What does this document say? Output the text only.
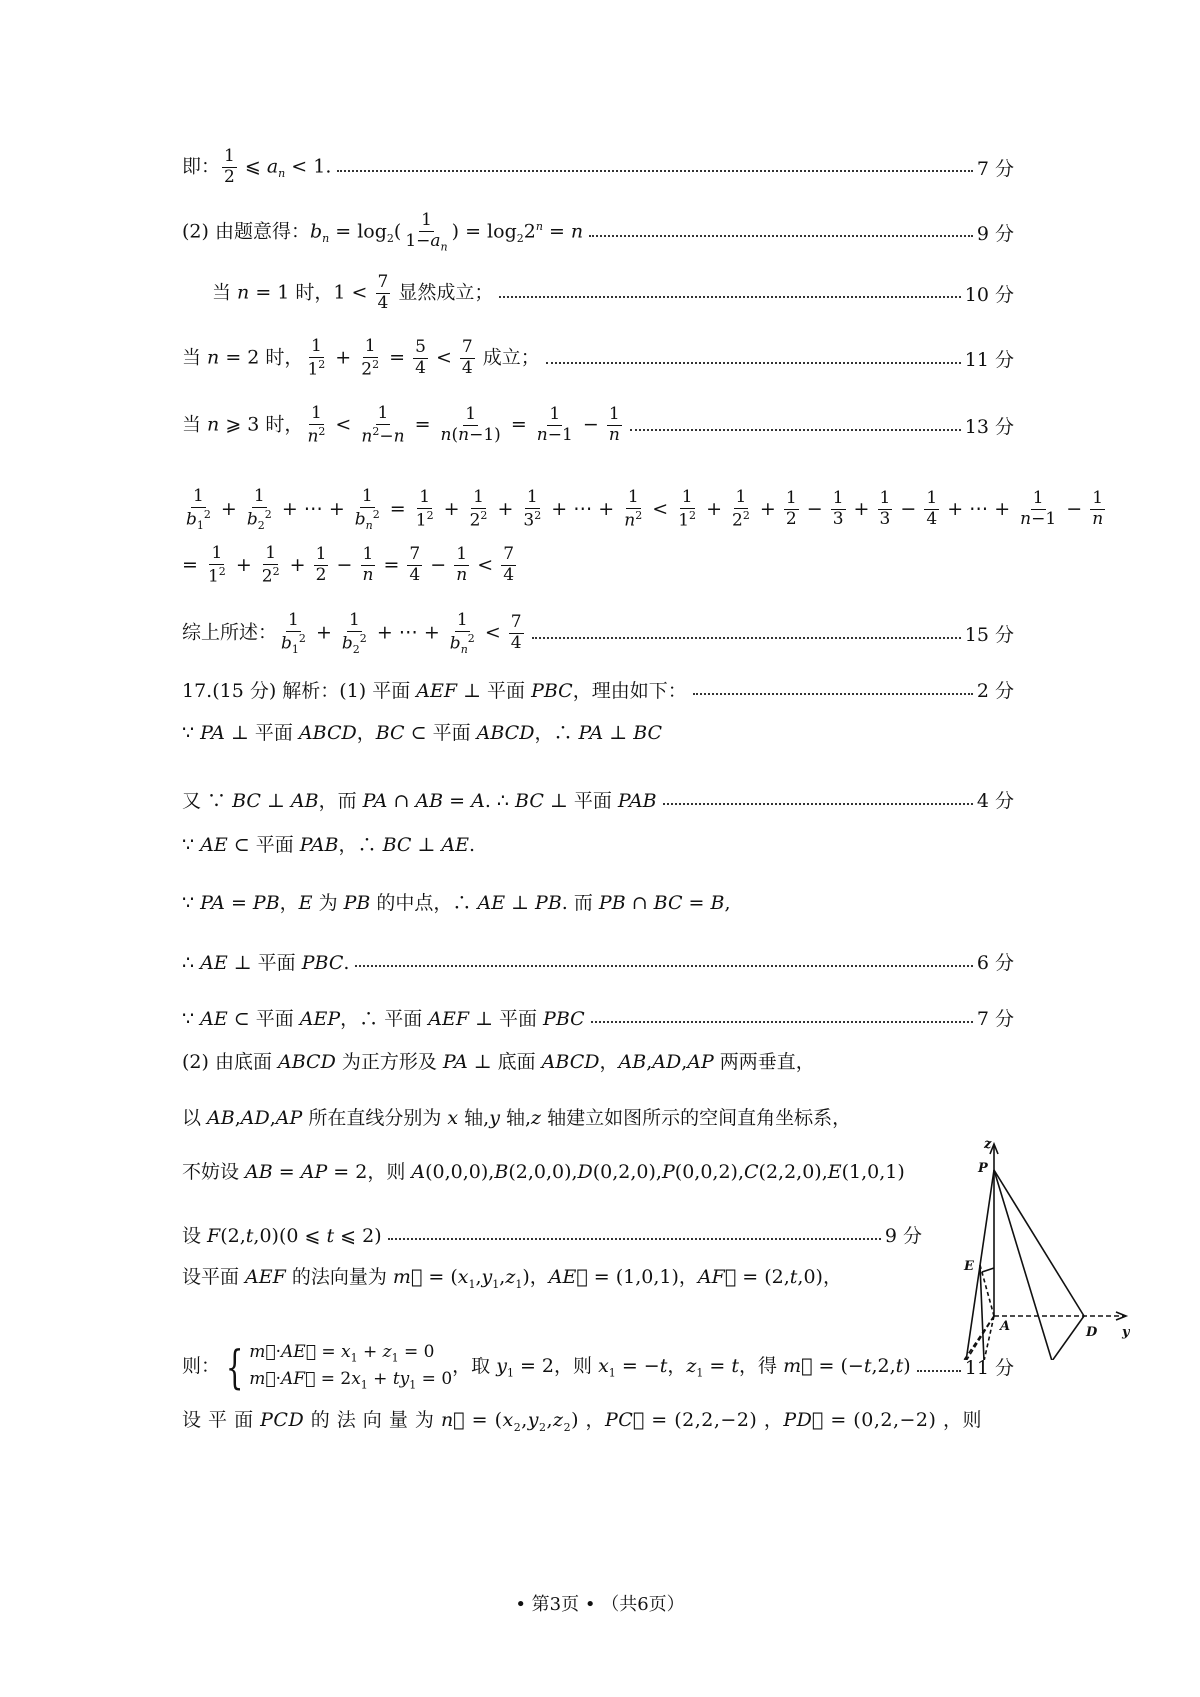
即： $\frac{1}{2}$ ⩽ $a_n < 1$.	7 分
(2) 由题意得：$b_n = \log_2( \frac{1}{1-a_n}$ ) = $\log_22^n = n$	9 分
当 n = 1 时，$1 < \frac{7}{4}$ 显然成立；	10 分
当 n = 2 时， $\frac{1}{1^2} + \frac{1}{2^2} = \frac{5}{4} < \frac{7}{4}$ 成立；	11 分
当 n ⩾ 3 时， $\frac{1}{n^2} < \frac{1}{n^2-n} = \frac{1}{n(n-1)} = \frac{1}{n-1} - \frac{1}{n}$	13 分
$\frac{1}{b_1^2} + \frac{1}{b_2^2}$ + ⋯ + $\frac{1}{b_n^2} = \frac{1}{1^2} + \frac{1}{2^2} + \frac{1}{3^2}$ + ⋯ + $\frac{1}{n^2} < \frac{1}{1^2} + \frac{1}{2^2} + \frac{1}{2} - \frac{1}{3} + \frac{1}{3} - \frac{1}{4}$ + ⋯ + $\frac{1}{n-1} - \frac{1}{n}$
= $\frac{1}{1^2} + \frac{1}{2^2} + \frac{1}{2} - \frac{1}{n} = \frac{7}{4} - \frac{1}{n} < \frac{7}{4}$
综上所述： $\frac{1}{b_1^2} + \frac{1}{b_2^2}$ + ⋯ + $\frac{1}{b_n^2} < \frac{7}{4}$	15 分
17.(15 分) 解析：(1) 平面 AEF ⊥ 平面 PBC，理由如下：	2 分
∵ PA ⊥ 平面 ABCD，BC ⊂ 平面 ABCD，∴ PA ⊥ BC
又 ∵ BC ⊥ AB，而 PA ∩ AB = A. ∴ BC ⊥ 平面 PAB	4 分
∵ AE ⊂ 平面 PAB，∴ BC ⊥ AE.
∵ PA = PB，E 为 PB 的中点，∴ AE ⊥ PB. 而 PB ∩ BC = B,
∴ AE ⊥ 平面 PBC.	6 分
∵ AE ⊂ 平面 AEP，∴ 平面 AEF ⊥ 平面 PBC	7 分
(2) 由底面 ABCD 为正方形及 PA ⊥ 底面 ABCD，AB,AD,AP 两两垂直，
以 AB,AD,AP 所在直线分别为 x 轴,y 轴,z 轴建立如图所示的空间直角坐标系，
不妨设 AB = AP = 2，则 A(0,0,0),B(2,0,0),D(0,2,0),P(0,0,2),C(2,2,0),E(1,0,1)
设 F(2,t,0)(0 ⩽ t ⩽ 2)	9 分
设平面 AEF 的法向量为 m⃗ = $(x_1,y_1,z_1)$，AE⃗ = (1,0,1)，AF⃗ = (2,t,0)，
则： { m⃗·AE⃗ = $x_1 + z_1 = 0$
m⃗·AF⃗ = $2x_1 + ty_1 = 0$
，取 $y_1 = 2$，则 $x_1 = -t$，$z_1 = t$，得 m⃗ = (−t,2,t)	11 分
设 平 面 PCD 的 法 向 量 为 n⃗ = $(x_2,y_2,z_2)$ ，PC⃗ = (2,2,−2) ，PD⃗ = (0,2,−2) ，则
z
y
P
E
A	D
• 第3页 • （共6页）
